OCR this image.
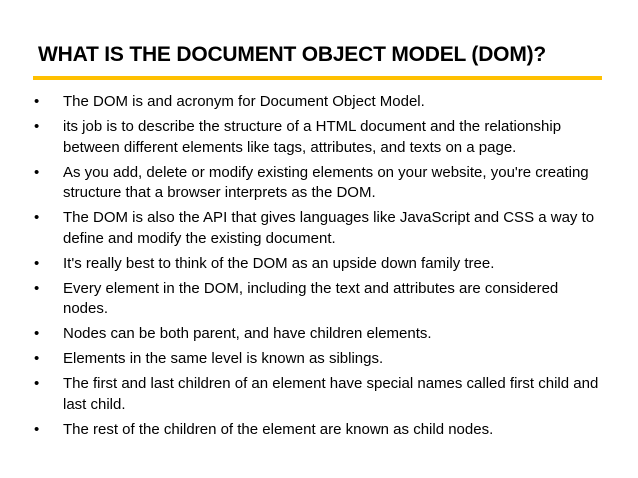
WHAT IS THE DOCUMENT OBJECT MODEL (DOM)?
•	The DOM is and acronym for Document Object Model.
•	its job is to describe the structure of a HTML document and the relationship between different elements like tags, attributes, and texts on a page.
•	As you add, delete or modify existing elements on your website, you're creating structure that a browser interprets as the DOM.
•	The DOM is also the API that gives languages like JavaScript and CSS a way to define and modify the existing document.
•	It's really best to think of the DOM as an upside down family tree.
•	Every element in the DOM, including the text and attributes are considered nodes.
•	Nodes can be both parent, and have children elements.
•	Elements in the same level is known as siblings.
•	The first and last children of an element have special names called first child and last child.
•	The rest of the children of the element are known as child nodes.
